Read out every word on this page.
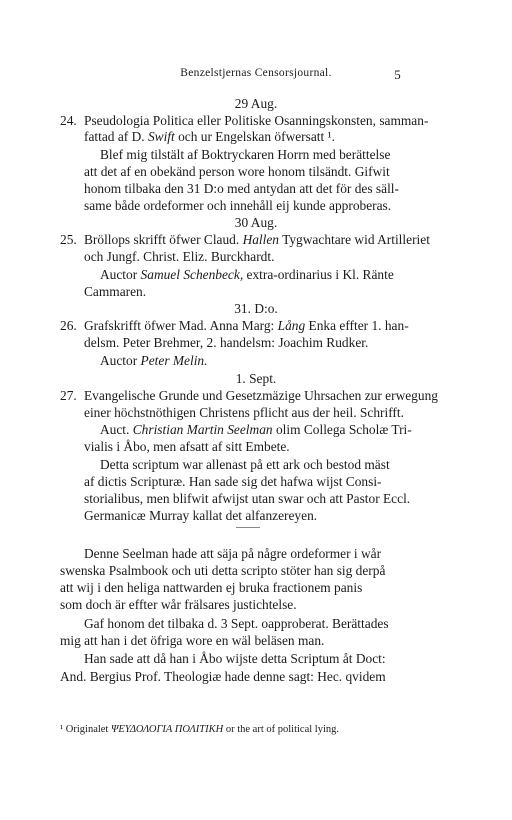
Benzelstjernas Censorsjournal.	5
29 Aug.
24. Pseudologia Politica eller Politiske Osanningskonsten, samman-
fattad af D. Swift och ur Engelskan öfwersatt ¹.
Blef mig tilstält af Boktryckaren Horrn med berättelse
att det af en obekänd person wore honom tilsändt. Gifwit
honom tilbaka den 31 D:o med antydan att det för des säll-
same både ordeformer och innehåll eij kunde approberas.
30 Aug.
25. Bröllops skrifft öfwer Claud. Hallen Tygwachtare wid Artilleriet
och Jungf. Christ. Eliz. Burckhardt.
Auctor Samuel Schenbeck, extra-ordinarius i Kl. Ränte
Cammaren.
31. D:o.
26. Grafskrifft öfwer Mad. Anna Marg: Lång Enka effter 1. han-
delsm. Peter Brehmer, 2. handelsm: Joachim Rudker.
Auctor Peter Melin.
1. Sept.
27. Evangelische Grunde und Gesetzmäzige Uhrsachen zur erwegung
einer höchstnöthigen Christens pflicht aus der heil. Schrifft.
Auct. Christian Martin Seelman olim Collega Scholæ Tri-
vialis i Åbo, men afsatt af sitt Embete.
Detta scriptum war allenast på ett ark och bestod mäst
af dictis Scripturæ. Han sade sig det hafwa wijst Consi-
storialibus, men blifwit afwijst utan swar och att Pastor Eccl.
Germanicæ Murray kallat det alfanzereyen.
Denne Seelman hade att säja på någre ordeformer i wår
swenska Psalmbook och uti detta scripto stöter han sig derpå
att wij i den heliga nattwarden ej bruka fractionem panis
som doch är effter wår frälsares justichtelse.
Gaf honom det tilbaka d. 3 Sept. oapproberat. Berättades
mig att han i det öfriga wore en wäl beläsen man.
Han sade att då han i Åbo wijste detta Scriptum åt Doct:
And. Bergius Prof. Theologiæ hade denne sagt: Hec. qvidem
¹ Originalet ΨΕΥΔΟΛΟΓΙΑ ΠΟΛΙΤΙΚΗ or the art of political lying.
